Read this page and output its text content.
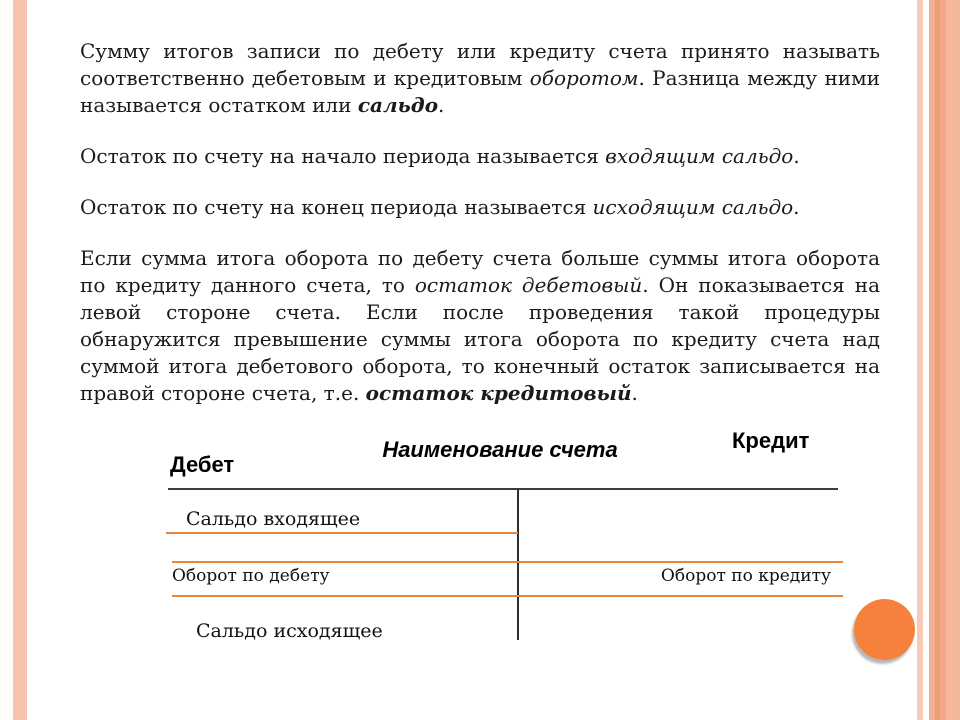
Сумму итогов записи по дебету или кредиту счета принято называть соответственно дебетовым и кредитовым оборотом. Разница между ними называется остатком или сальдо.

Остаток по счету на начало периода называется входящим сальдо.

Остаток по счету на конец периода называется исходящим сальдо.

Если сумма итога оборота по дебету счета больше суммы итога оборота по кредиту данного счета, то остаток дебетовый. Он показывается на левой стороне счета. Если после проведения такой процедуры обнаружится превышение суммы итога оборота по кредиту счета над суммой итога дебетового оборота, то конечный остаток записывается на правой стороне счета, т.е. остаток кредитовый.

Дебет
Наименование счета	Кредит
Сальдо входящее
Оборот по дебету	Оборот по кредиту
Сальдо исходящее
